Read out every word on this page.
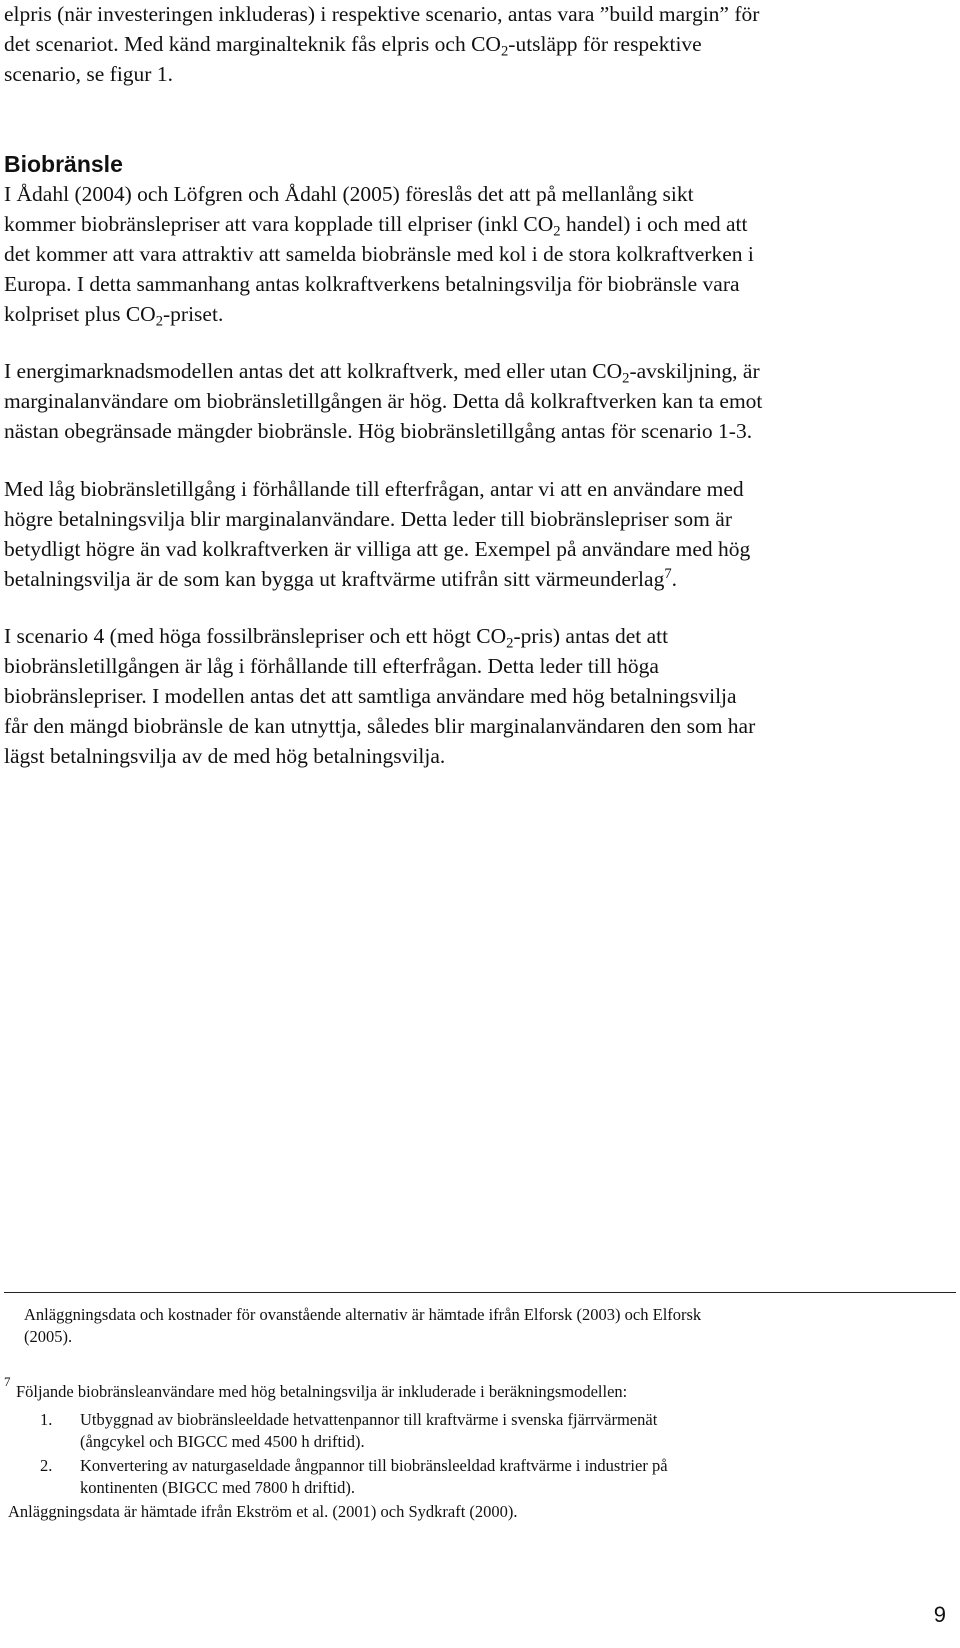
elpris (när investeringen inkluderas) i respektive scenario, antas vara ”build margin” för
det scenariot. Med känd marginalteknik fås elpris och $CO_2$-utsläpp för respektive
scenario, se figur 1.
Biobränsle
I Ådahl (2004) och Löfgren och Ådahl (2005) föreslås det att på mellanlång sikt
kommer biobränslepriser att vara kopplade till elpriser (inkl $CO_2$ handel) i och med att
det kommer att vara attraktiv att samelda biobränsle med kol i de stora kolkraftverken i
Europa. I detta sammanhang antas kolkraftverkens betalningsvilja för biobränsle vara
kolpriset plus $CO_2$-priset.
I energimarknadsmodellen antas det att kolkraftverk, med eller utan $CO_2$-avskiljning, är
marginalanvändare om biobränsletillgången är hög. Detta då kolkraftverken kan ta emot
nästan obegränsade mängder biobränsle. Hög biobränsletillgång antas för scenario 1-3.
Med låg biobränsletillgång i förhållande till efterfrågan, antar vi att en användare med
högre betalningsvilja blir marginalanvändare. Detta leder till biobränslepriser som är
betydligt högre än vad kolkraftverken är villiga att ge. Exempel på användare med hög
betalningsvilja är de som kan bygga ut kraftvärme utifrån sitt värmeunderlag$^7$.
I scenario 4 (med höga fossilbränslepriser och ett högt $CO_2-pris$) antas det att
biobränsletillgången är låg i förhållande till efterfrågan. Detta leder till höga
biobränslepriser. I modellen antas det att samtliga användare med hög betalningsvilja
får den mängd biobränsle de kan utnyttja, således blir marginalanvändaren den som har
lägst betalningsvilja av de med hög betalningsvilja.
Anläggningsdata och kostnader för ovanstående alternativ är hämtade ifrån Elforsk (2003) och Elforsk
(2005).
7
Följande biobränsleanvändare med hög betalningsvilja är inkluderade i beräkningsmodellen:
1. Utbyggnad av biobränsleeldade hetvattenpannor till kraftvärme i svenska fjärrvärmenät
(ångcykel och BIGCC med 4500 h driftid).
2. Konvertering av naturgaseldade ångpannor till biobränsleeldad kraftvärme i industrier på
kontinenten (BIGCC med 7800 h driftid).
Anläggningsdata är hämtade ifrån Ekström et al. (2001) och Sydkraft (2000).
9
